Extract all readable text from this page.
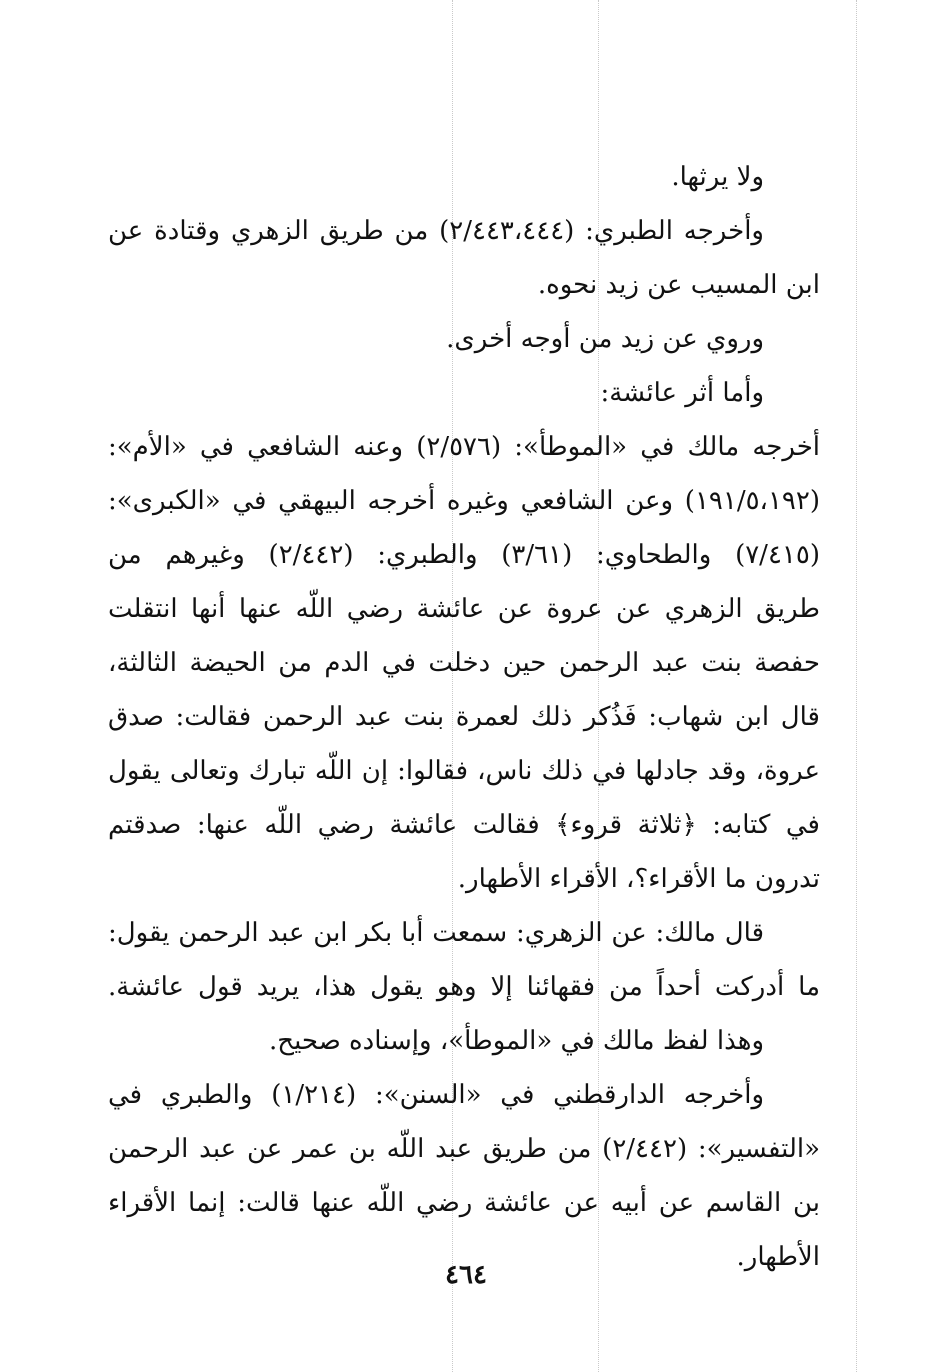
ولا يرثها.
وأخرجه الطبري: (٢/٤٤٣،٤٤٤) من طريق الزهري وقتادة عن
ابن المسيب عن زيد نحوه.
وروي عن زيد من أوجه أخرى.
وأما أثر عائشة:
أخرجه مالك في «الموطأ»: (٢/٥٧٦) وعنه الشافعي في «الأم»:
(١٩١/٥،١٩٢) وعن الشافعي وغيره أخرجه البيهقي في «الكبرى»:
(٧/٤١٥) والطحاوي: (٣/٦١) والطبري: (٢/٤٤٢) وغيرهم من
طريق الزهري عن عروة عن عائشة رضي اللّه عنها أنها انتقلت
حفصة بنت عبد الرحمن حين دخلت في الدم من الحيضة الثالثة،
قال ابن شهاب: فَذُكر ذلك لعمرة بنت عبد الرحمن فقالت: صدق
عروة، وقد جادلها في ذلك ناس، فقالوا: إن اللّه تبارك وتعالى يقول
في كتابه: ﴿ثلاثة قروء﴾ فقالت عائشة رضي اللّه عنها: صدقتم
تدرون ما الأقراء؟، الأقراء الأطهار.
قال مالك: عن الزهري: سمعت أبا بكر ابن عبد الرحمن يقول:
ما أدركت أحداً من فقهائنا إلا وهو يقول هذا، يريد قول عائشة.
وهذا لفظ مالك في «الموطأ»، وإسناده صحيح.
وأخرجه الدارقطني في «السنن»: (١/٢١٤) والطبري في
«التفسير»: (٢/٤٤٢) من طريق عبد اللّه بن عمر عن عبد الرحمن
بن القاسم عن أبيه عن عائشة رضي اللّه عنها قالت: إنما الأقراء
الأطهار.
٤٦٤
